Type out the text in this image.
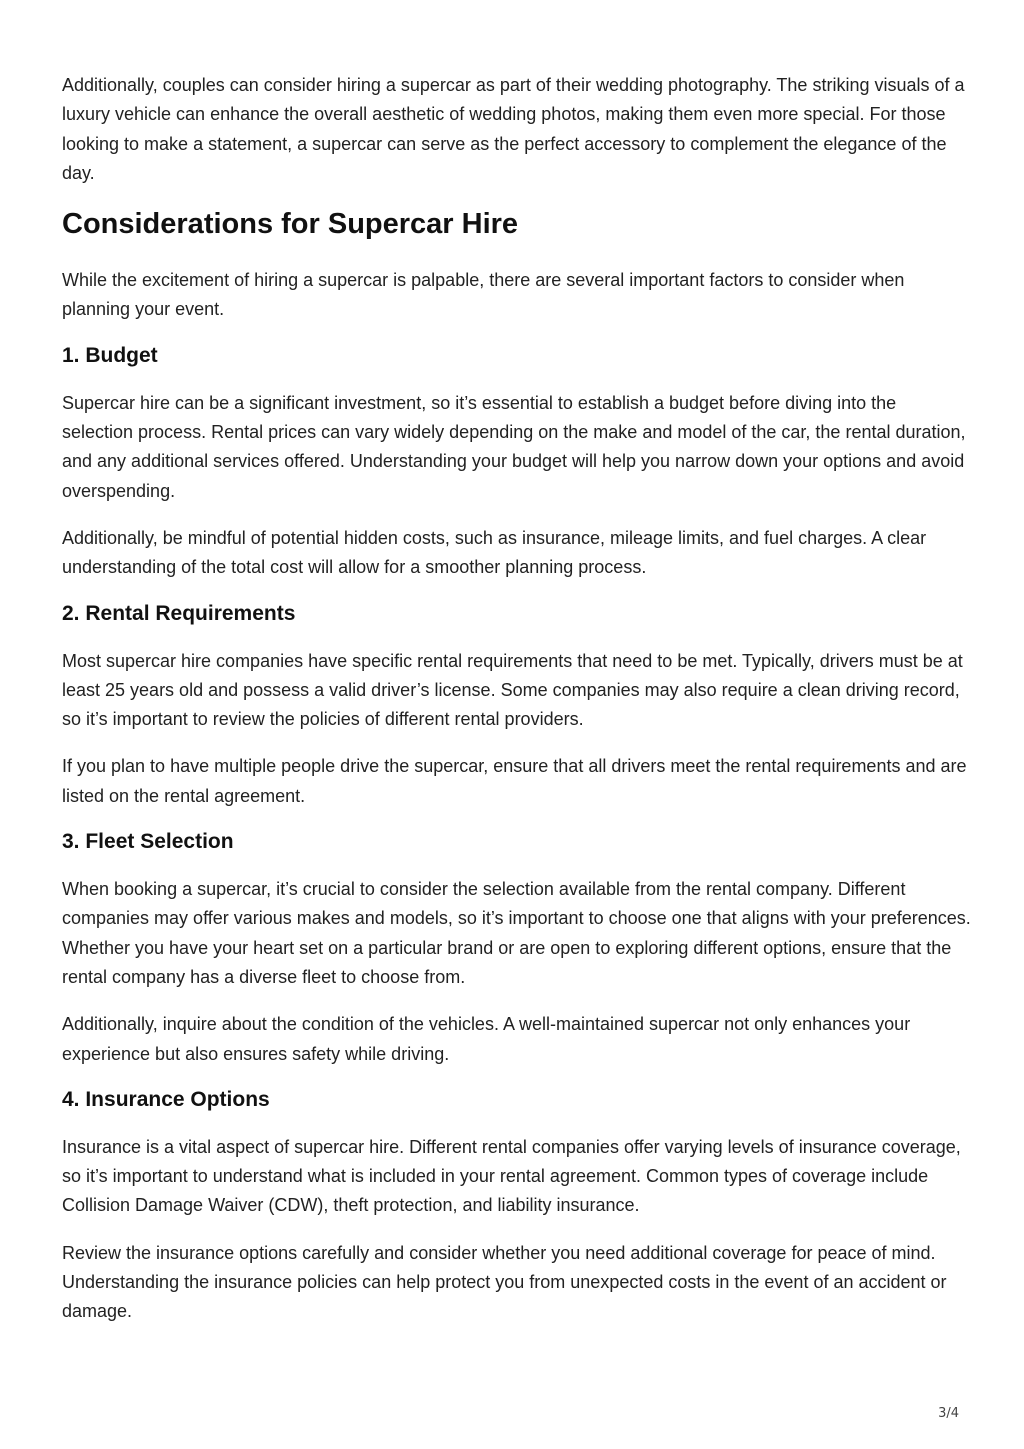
Additionally, couples can consider hiring a supercar as part of their wedding photography. The striking visuals of a luxury vehicle can enhance the overall aesthetic of wedding photos, making them even more special. For those looking to make a statement, a supercar can serve as the perfect accessory to complement the elegance of the day.

Considerations for Supercar Hire

While the excitement of hiring a supercar is palpable, there are several important factors to consider when planning your event.

1. Budget

Supercar hire can be a significant investment, so it’s essential to establish a budget before diving into the selection process. Rental prices can vary widely depending on the make and model of the car, the rental duration, and any additional services offered. Understanding your budget will help you narrow down your options and avoid overspending.

Additionally, be mindful of potential hidden costs, such as insurance, mileage limits, and fuel charges. A clear understanding of the total cost will allow for a smoother planning process.

2. Rental Requirements

Most supercar hire companies have specific rental requirements that need to be met. Typically, drivers must be at least 25 years old and possess a valid driver’s license. Some companies may also require a clean driving record, so it’s important to review the policies of different rental providers.

If you plan to have multiple people drive the supercar, ensure that all drivers meet the rental requirements and are listed on the rental agreement.

3. Fleet Selection

When booking a supercar, it’s crucial to consider the selection available from the rental company. Different companies may offer various makes and models, so it’s important to choose one that aligns with your preferences. Whether you have your heart set on a particular brand or are open to exploring different options, ensure that the rental company has a diverse fleet to choose from.

Additionally, inquire about the condition of the vehicles. A well-maintained supercar not only enhances your experience but also ensures safety while driving.

4. Insurance Options

Insurance is a vital aspect of supercar hire. Different rental companies offer varying levels of insurance coverage, so it’s important to understand what is included in your rental agreement. Common types of coverage include Collision Damage Waiver (CDW), theft protection, and liability insurance.

Review the insurance options carefully and consider whether you need additional coverage for peace of mind. Understanding the insurance policies can help protect you from unexpected costs in the event of an accident or damage.

3/4
